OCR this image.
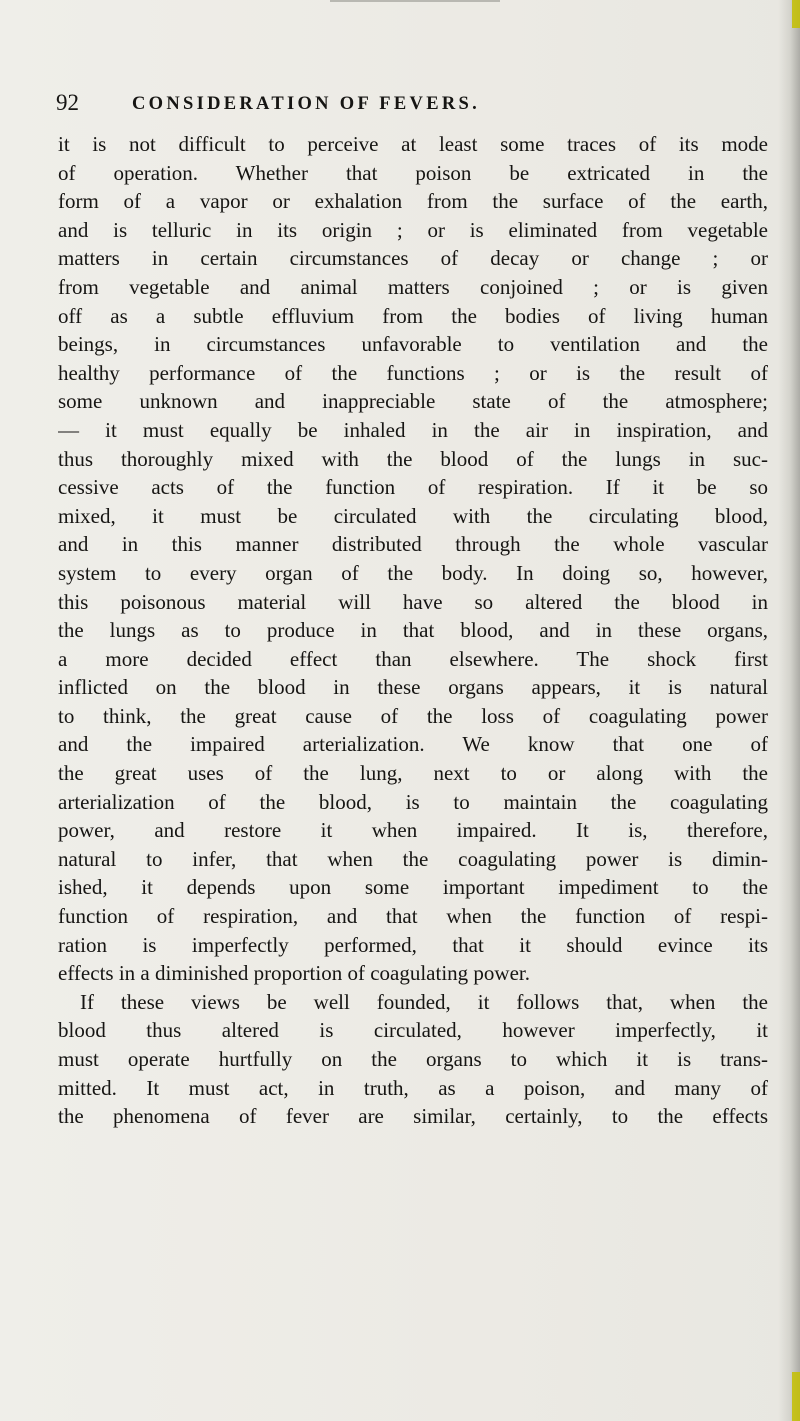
92	CONSIDERATION OF FEVERS.
it is not difficult to perceive at least some traces of its mode
of operation. Whether that poison be extricated in the
form of a vapor or exhalation from the surface of the earth,
and is telluric in its origin ; or is eliminated from vegetable
matters in certain circumstances of decay or change ; or
from vegetable and animal matters conjoined ; or is given
off as a subtle effluvium from the bodies of living human
beings, in circumstances unfavorable to ventilation and the
healthy performance of the functions ; or is the result of
some unknown and inappreciable state of the atmosphere;
— it must equally be inhaled in the air in inspiration, and
thus thoroughly mixed with the blood of the lungs in suc-
cessive acts of the function of respiration. If it be so
mixed, it must be circulated with the circulating blood,
and in this manner distributed through the whole vascular
system to every organ of the body. In doing so, however,
this poisonous material will have so altered the blood in
the lungs as to produce in that blood, and in these organs,
a more decided effect than elsewhere. The shock first
inflicted on the blood in these organs appears, it is natural
to think, the great cause of the loss of coagulating power
and the impaired arterialization. We know that one of
the great uses of the lung, next to or along with the
arterialization of the blood, is to maintain the coagulating
power, and restore it when impaired. It is, therefore,
natural to infer, that when the coagulating power is dimin-
ished, it depends upon some important impediment to the
function of respiration, and that when the function of respi-
ration is imperfectly performed, that it should evince its
effects in a diminished proportion of coagulating power.
If these views be well founded, it follows that, when the
blood thus altered is circulated, however imperfectly, it
must operate hurtfully on the organs to which it is trans-
mitted. It must act, in truth, as a poison, and many of
the phenomena of fever are similar, certainly, to the effects
